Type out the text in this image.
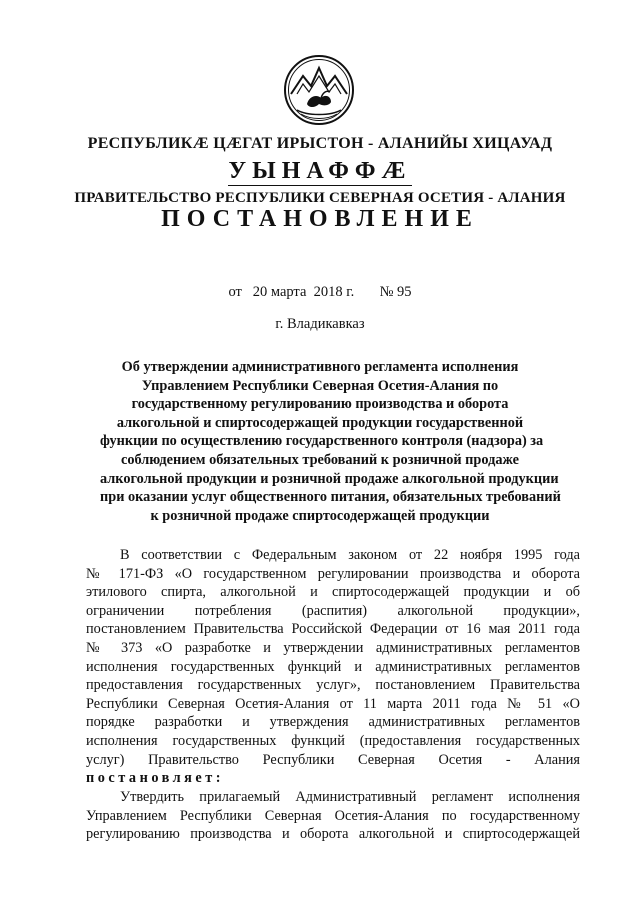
РЕСПУБЛИКÆ ЦÆГАТ ИРЫСТОН - АЛАНИЙЫ ХИЦАУАД
УЫНАФФÆ
ПРАВИТЕЛЬСТВО РЕСПУБЛИКИ СЕВЕРНАЯ ОСЕТИЯ - АЛАНИЯ
ПОСТАНОВЛЕНИЕ
от   20 марта  2018 г.       № 95
г. Владикавказ
Об утверждении административного регламента исполнения
Управлением Республики Северная Осетия-Алания по
государственному регулированию производства и оборота
алкогольной и спиртосодержащей продукции государственной
функции по осуществлению государственного контроля (надзора) за
соблюдением обязательных требований к розничной продаже
алкогольной продукции и розничной продаже алкогольной продукции
при оказании услуг общественного питания, обязательных требований
к розничной продаже спиртосодержащей продукции
В соответствии с Федеральным законом от 22 ноября 1995 года
№ 171-ФЗ «О государственном регулировании производства и оборота
этилового спирта, алкогольной и спиртосодержащей продукции и об
ограничении потребления (распития) алкогольной продукции»,
постановлением Правительства Российской Федерации от 16 мая 2011 года
№ 373 «О разработке и утверждении административных регламентов
исполнения государственных функций и административных регламентов
предоставления государственных услуг», постановлением Правительства
Республики Северная Осетия-Алания от 11 марта 2011 года № 51 «О
порядке разработки и утверждения административных регламентов
исполнения государственных функций (предоставления государственных
услуг) Правительство Республики Северная Осетия - Алания
постановляет:
Утвердить прилагаемый Административный регламент исполнения
Управлением Республики Северная Осетия-Алания по государственному
регулированию производства и оборота алкогольной и спиртосодержащей
